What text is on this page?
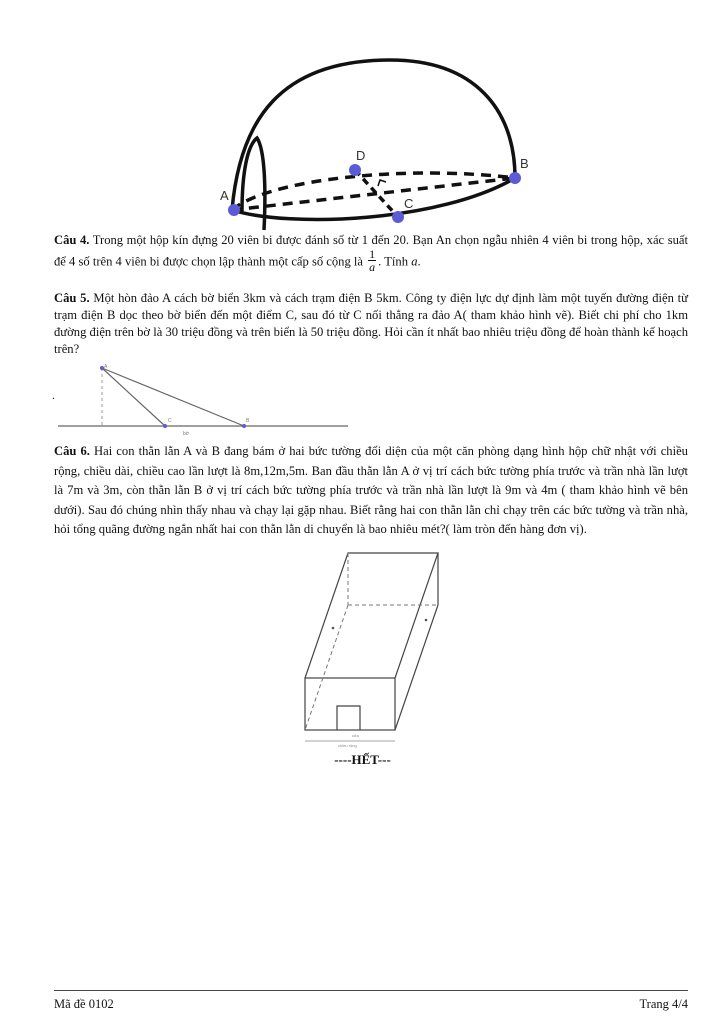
A
B
C
D

Câu 4. Trong một hộp kín đựng 20 viên bi được đánh số từ 1 đến 20. Bạn An chọn ngẫu nhiên 4 viên bi trong hộp, xác suất để 4 số trên 4 viên bi được chọn lập thành một cấp số cộng là $\frac{1}{a}$ . Tính a.

Câu 5. Một hòn đảo A cách bờ biển 3km và cách trạm điện B 5km. Công ty điện lực dự định làm một tuyến đường điện từ trạm điện B dọc theo bờ biển đến một điểm C, sau đó từ C nối thẳng ra đảo A( tham khảo hình vẽ). Biết chi phí cho 1km đường điện trên bờ là 30 triệu đồng và trên biển là 50 triệu đồng. Hỏi cần ít nhất bao nhiêu triệu đồng để hoàn thành kế hoạch trên?

.
A
C	B
bờ

Câu 6. Hai con thằn lằn A và B đang bám ở hai bức tường đối diện của một căn phòng dạng hình hộp chữ nhật với chiều rộng, chiều dài, chiều cao lần lượt là 8m,12m,5m. Ban đầu thằn lằn A ở vị trí cách bức tường phía trước và trần nhà lần lượt là 7m và 3m, còn thằn lằn B ở vị trí cách bức tường phía trước và trần nhà lần lượt là 9m và 4m ( tham khảo hình vẽ bên dưới). Sau đó chúng nhìn thấy nhau và chạy lại gặp nhau. Biết rằng hai con thằn lằn chỉ chạy trên các bức tường và trần nhà, hỏi tổng quãng đường ngắn nhất hai con thằn lằn di chuyển là bao nhiêu mét?( làm tròn đến hàng đơn vị).

cửa
chiều rộng
----HẾT---
Mã đề 0102	Trang 4/4
